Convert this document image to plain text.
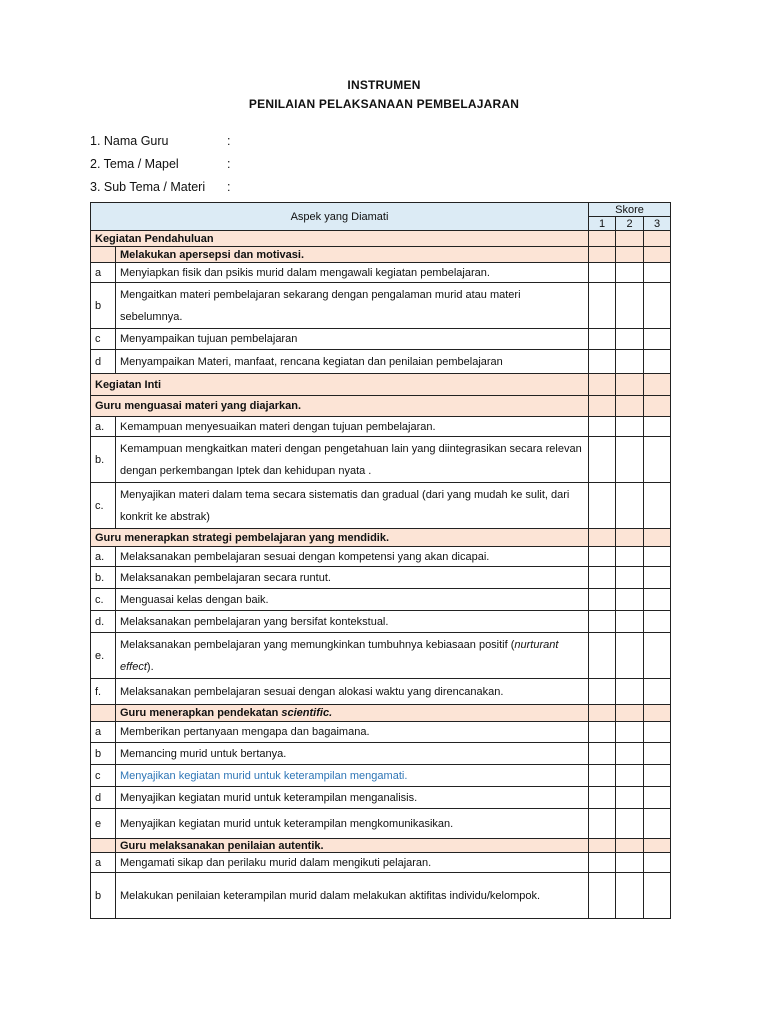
INSTRUMEN
PENILAIAN PELAKSANAAN PEMBELAJARAN
1. Nama Guru	:
2. Tema / Mapel	:
3. Sub Tema / Materi :
Aspek yang Diamati		Skore		
		1	2	3
Kegiatan Pendahuluan				
	Melakukan apersepsi dan motivasi.			
a	Menyiapkan fisik dan psikis murid dalam mengawali kegiatan pembelajaran.			
b	Mengaitkan materi pembelajaran sekarang dengan pengalaman murid atau materi sebelumnya.			
c	Menyampaikan tujuan pembelajaran			
d	Menyampaikan Materi, manfaat, rencana kegiatan dan penilaian pembelajaran			
Kegiatan Inti				
Guru menguasai materi yang diajarkan.				
a.	Kemampuan menyesuaikan materi dengan tujuan pembelajaran.			
b.	Kemampuan mengkaitkan materi dengan pengetahuan lain yang diintegrasikan secara relevan dengan perkembangan Iptek dan kehidupan nyata .			
c.	Menyajikan materi dalam tema secara sistematis dan gradual (dari yang mudah ke sulit, dari konkrit ke abstrak)			
Guru menerapkan strategi pembelajaran yang mendidik.				
a.	Melaksanakan pembelajaran sesuai dengan kompetensi yang akan dicapai.			
b.	Melaksanakan pembelajaran secara runtut.			
c.	Menguasai kelas dengan baik.			
d.	Melaksanakan pembelajaran yang bersifat kontekstual.			
e.	Melaksanakan pembelajaran yang memungkinkan tumbuhnya kebiasaan positif (nurturant effect).			
f.	Melaksanakan pembelajaran sesuai dengan alokasi waktu yang direncanakan.			
	Guru menerapkan pendekatan scientific.			
a	Memberikan pertanyaan mengapa dan bagaimana.			
b	Memancing murid untuk bertanya.			
c	Menyajikan kegiatan murid untuk keterampilan mengamati.			
d	Menyajikan kegiatan murid untuk keterampilan menganalisis.			
e	Menyajikan kegiatan murid untuk keterampilan mengkomunikasikan.			
	Guru melaksanakan penilaian autentik.			
a	Mengamati sikap dan perilaku murid dalam mengikuti pelajaran.			
b	Melakukan penilaian keterampilan murid dalam melakukan aktifitas individu/kelompok.			
